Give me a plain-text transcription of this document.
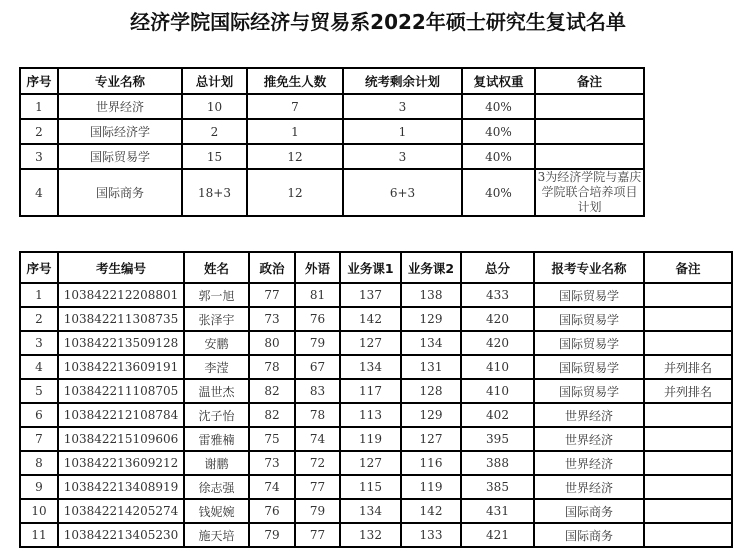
经济学院国际经济与贸易系2022年硕士研究生复试名单
序号	专业名称	总计划	推免生人数	统考剩余计划	复试权重	备注
1	世界经济	10	7	3	40%	
2	国际经济学	2	1	1	40%	
3	国际贸易学	15	12	3	40%	
4	国际商务	18+3	12	6+3	40%	3为经济学院与嘉庆学院联合培养项目计划
序号	考生编号	姓名	政治	外语	业务课1	业务课2	总分	报考专业名称	备注
1	103842212208801	郭一旭	77	81	137	138	433	国际贸易学	
2	103842211308735	张泽宇	73	76	142	129	420	国际贸易学	
3	103842213509128	安鹏	80	79	127	134	420	国际贸易学	
4	103842213609191	李滢	78	67	134	131	410	国际贸易学	并列排名
5	103842211108705	温世杰	82	83	117	128	410	国际贸易学	并列排名
6	103842212108784	沈子怡	82	78	113	129	402	世界经济	
7	103842215109606	雷雅楠	75	74	119	127	395	世界经济	
8	103842213609212	谢鹏	73	72	127	116	388	世界经济	
9	103842213408919	徐志强	74	77	115	119	385	世界经济	
10	103842214205274	钱妮婉	76	79	134	142	431	国际商务	
11	103842213405230	施天培	79	77	132	133	421	国际商务	
